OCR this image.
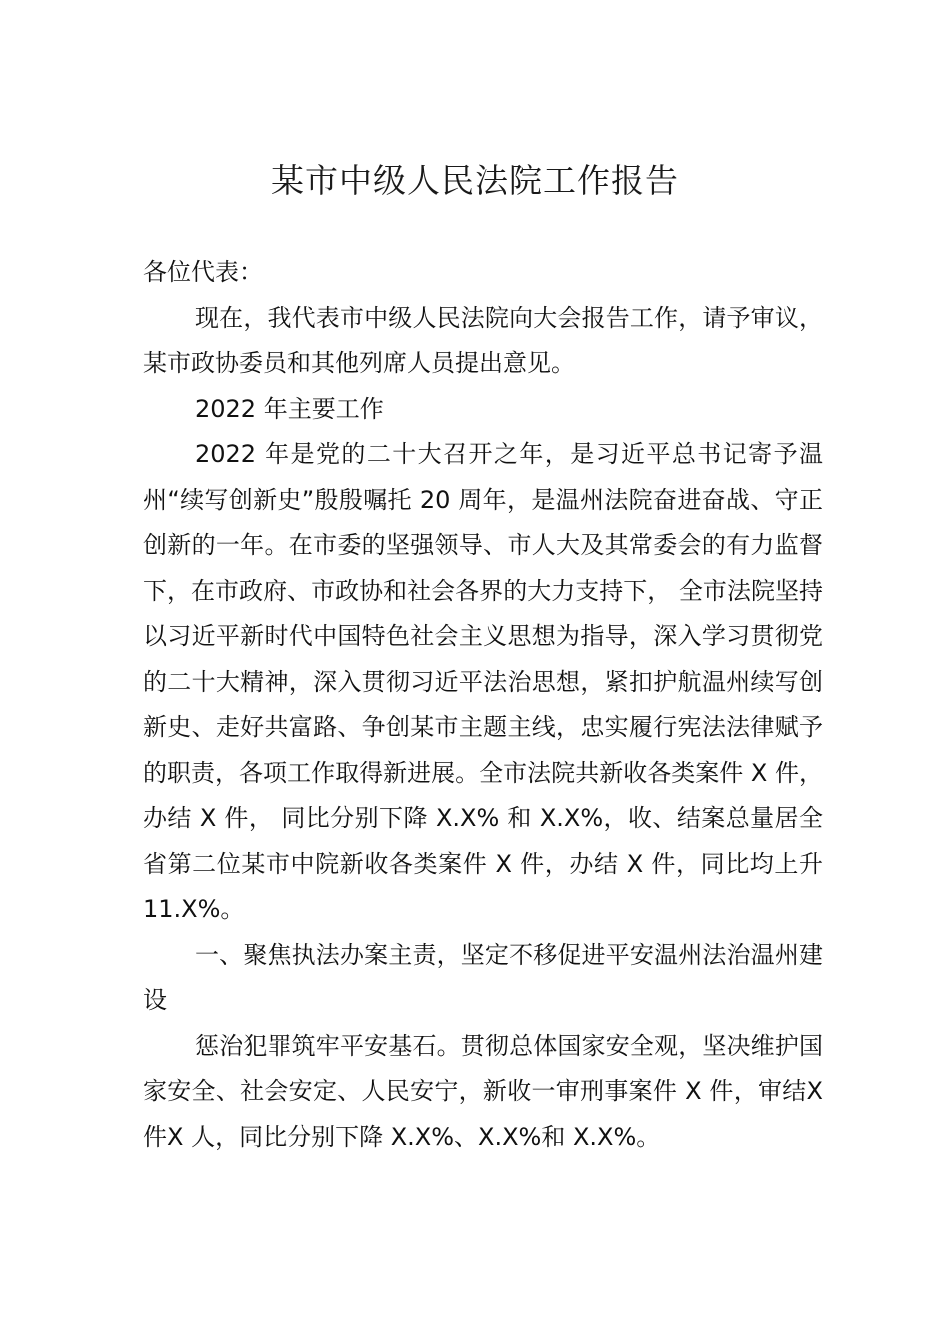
某市中级人民法院工作报告

各位代表：

现在，我代表市中级人民法院向大会报告工作，请予审议，某市政协委员和其他列席人员提出意见。

2022 年主要工作

2022 年是党的二十大召开之年，是习近平总书记寄予温州“续写创新史”殷殷嘱托 20 周年，是温州法院奋进奋战、守正创新的一年。在市委的坚强领导、市人大及其常委会的有力监督下，在市政府、市政协和社会各界的大力支持下， 全市法院坚持以习近平新时代中国特色社会主义思想为指导，深入学习贯彻党的二十大精神，深入贯彻习近平法治思想，紧扣护航温州续写创新史、走好共富路、争创某市主题主线，忠实履行宪法法律赋予的职责，各项工作取得新进展。全市法院共新收各类案件 X 件，办结 X 件， 同比分别下降 X.X% 和 X.X%，收、结案总量居全省第二位某市中院新收各类案件 X 件，办结 X 件，同比均上升 11.X%。

一、聚焦执法办案主责，坚定不移促进平安温州法治温州建设

惩治犯罪筑牢平安基石。贯彻总体国家安全观，坚决维护国家安全、社会安定、人民安宁，新收一审刑事案件 X 件，审结X 件X 人，同比分别下降 X.X%、X.X%和 X.X%。
